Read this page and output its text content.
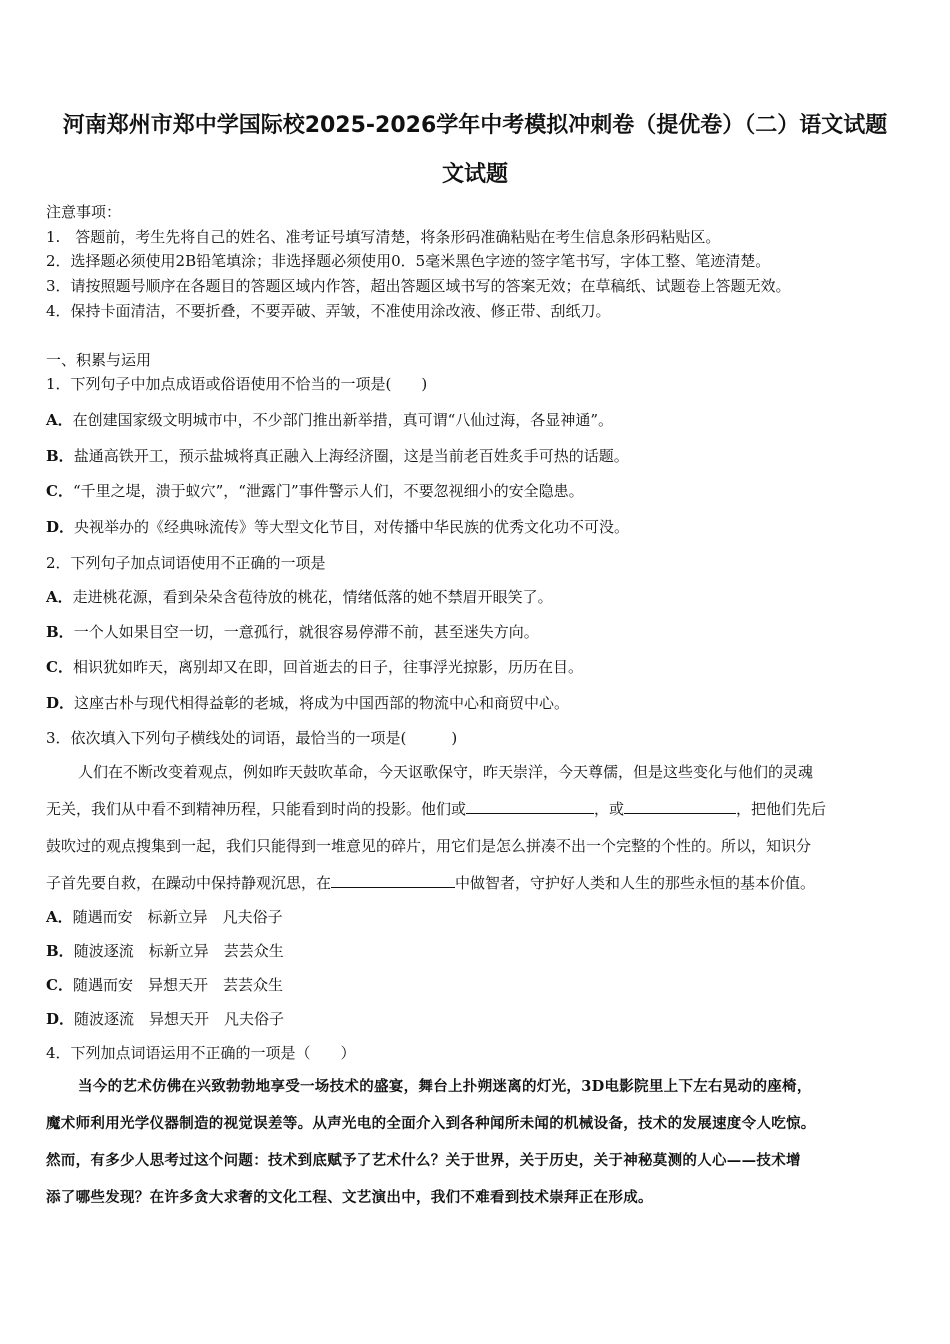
河南郑州市郑中学国际校2025-2026学年中考模拟冲刺卷（提优卷）（二）语文试题
文试题
注意事项：
1.　答题前，考生先将自己的姓名、准考证号填写清楚，将条形码准确粘贴在考生信息条形码粘贴区。
2．选择题必须使用2B铅笔填涂；非选择题必须使用0．5毫米黑色字迹的签字笔书写，字体工整、笔迹清楚。
3．请按照题号顺序在各题目的答题区域内作答，超出答题区域书写的答案无效；在草稿纸、试题卷上答题无效。
4．保持卡面清洁，不要折叠，不要弄破、弄皱，不准使用涂改液、修正带、刮纸刀。
一、积累与运用
1．下列句子中加点成语或俗语使用不恰当的一项是(　　)
A．在创建国家级文明城市中，不少部门推出新举措，真可谓“八仙过海，各显神通”。
B．盐通高铁开工，预示盐城将真正融入上海经济圈，这是当前老百姓炙手可热的话题。
C．“千里之堤，溃于蚁穴”，“泄露门”事件警示人们，不要忽视细小的安全隐患。
D．央视举办的《经典咏流传》等大型文化节目，对传播中华民族的优秀文化功不可没。
2．下列句子加点词语使用不正确的一项是
A．走进桃花源，看到朵朵含苞待放的桃花，情绪低落的她不禁眉开眼笑了。
B．一个人如果目空一切，一意孤行，就很容易停滞不前，甚至迷失方向。
C．相识犹如昨天，离别却又在即，回首逝去的日子，往事浮光掠影，历历在目。
D．这座古朴与现代相得益彰的老城，将成为中国西部的物流中心和商贸中心。
3．依次填入下列句子横线处的词语，最恰当的一项是(　　　)
人们在不断改变着观点，例如昨天鼓吹革命，今天讴歌保守，昨天崇洋，今天尊儒，但是这些变化与他们的灵魂
无关，我们从中看不到精神历程，只能看到时尚的投影。他们或	，或	，把他们先后
鼓吹过的观点搜集到一起，我们只能得到一堆意见的碎片，用它们是怎么拼凑不出一个完整的个性的。所以，知识分
子首先要自救，在躁动中保持静观沉思，在	中做智者，守护好人类和人生的那些永恒的基本价值。
A．随遇而安　标新立异　凡夫俗子
B．随波逐流　标新立异　芸芸众生
C．随遇而安　异想天开　芸芸众生
D．随波逐流　异想天开　凡夫俗子
4．下列加点词语运用不正确的一项是（　　）
当今的艺术仿佛在兴致勃勃地享受一场技术的盛宴，舞台上扑朔迷离的灯光，3D电影院里上下左右晃动的座椅，
魔术师利用光学仪器制造的视觉误差等。从声光电的全面介入到各种闻所未闻的机械设备，技术的发展速度令人吃惊。
然而，有多少人思考过这个问题：技术到底赋予了艺术什么？关于世界，关于历史，关于神秘莫测的人心——技术增
添了哪些发现？在许多贪大求奢的文化工程、文艺演出中，我们不难看到技术崇拜正在形成。
